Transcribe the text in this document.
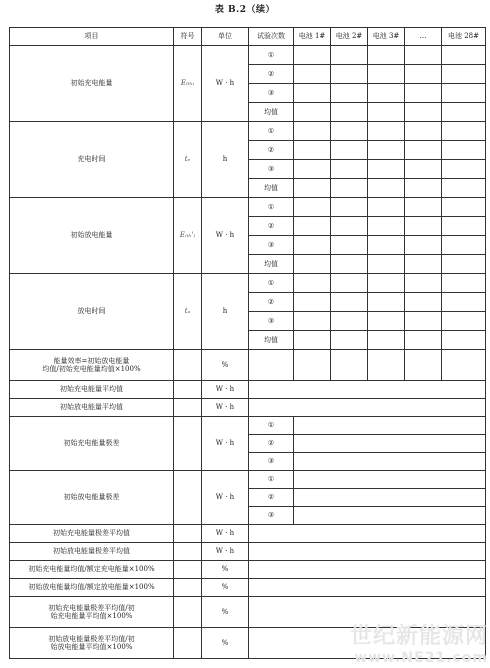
表 B.2（续）
项目	符号	单位	试验次数	电池 1#	电池 2#	电池 3#	…	电池 28#
初始充电能量	E₍ₜₕ₎	W · h	①					
			②					
			③					
			均值					
充电时间	tₑ	h	①					
			②					
			③					
			均值					
初始放电能量	E₍ₜₕ'₎	W · h	①					
			②					
			③					
			均值					
放电时间	tₐ	h	①					
			②					
			③					
			均值					
能量效率=初始放电能量
均值/初始充电能量均值×100%		%						
初始充电能量平均值		W · h						
初始放电能量平均值		W · h						
初始充电能量极差		W · h	①					
			②					
			③					
初始放电能量极差		W · h	①					
			②					
			③					
初始充电能量极差平均值		W · h						
初始放电能量极差平均值		W · h						
初始充电能量均值/额定充电能量×100%		%						
初始放电能量均值/额定放电能量×100%		%						
初始充电能量极差平均值/初
始充电能量平均值×100%		%						
初始放电能量极差平均值/初
始放电能量平均值×100%		%							世纪新能源网
www.NE21.com
